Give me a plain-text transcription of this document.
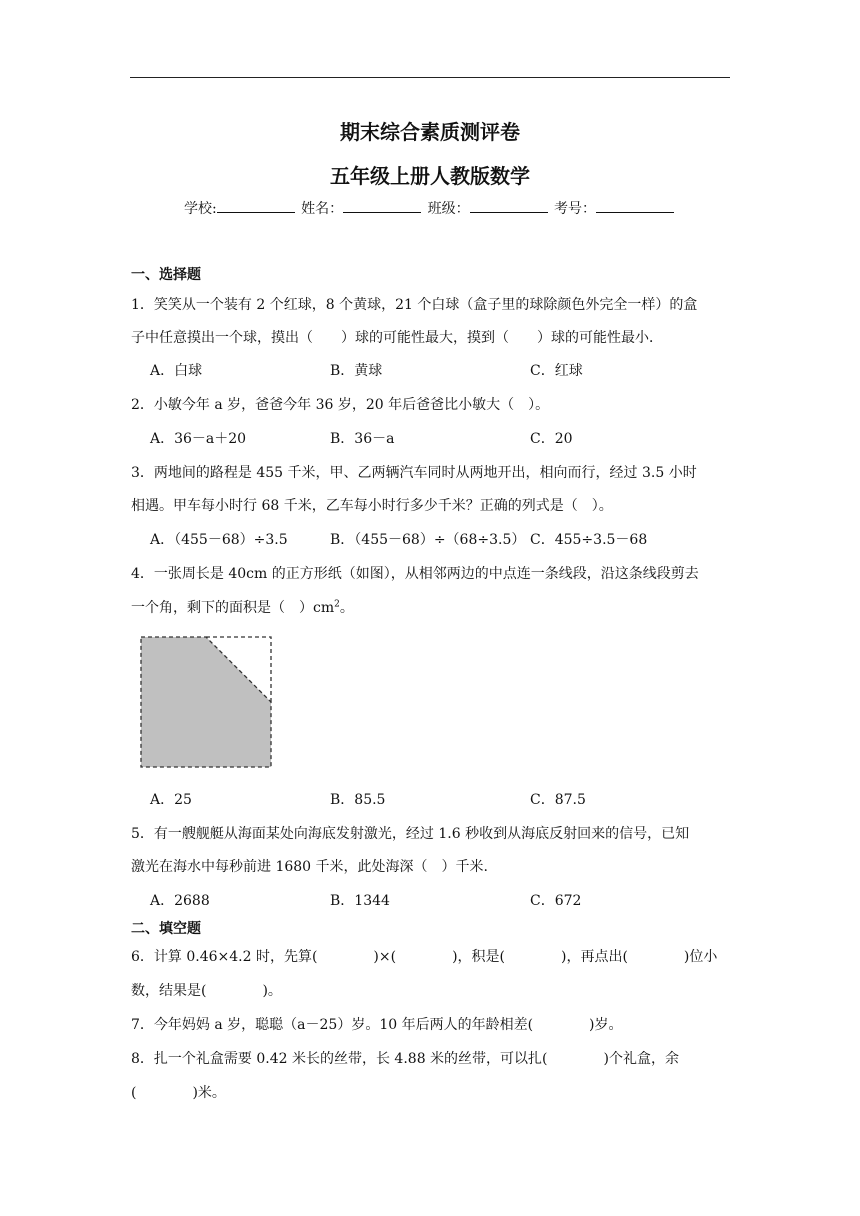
期末综合素质测评卷
五年级上册人教版数学
学校:	姓名：	班级：	考号：
一、选择题
1．笑笑从一个装有 2 个红球，8 个黄球，21 个白球（盒子里的球除颜色外完全一样）的盒
子中任意摸出一个球，摸出（　　）球的可能性最大，摸到（　　）球的可能性最小．
A．白球	B．黄球	C．红球
2．小敏今年 a 岁，爸爸今年 36 岁，20 年后爸爸比小敏大（　）。
A．36－a＋20	B．36－a	C．20
3．两地间的路程是 455 千米，甲、乙两辆汽车同时从两地开出，相向而行，经过 3.5 小时
相遇。甲车每小时行 68 千米，乙车每小时行多少千米？正确的列式是（　）。
A．（455－68）÷3.5	B．（455－68）÷（68÷3.5） C．455÷3.5－68
4．一张周长是 40cm 的正方形纸（如图），从相邻两边的中点连一条线段，沿这条线段剪去
一个角，剩下的面积是（　）$cm^2$。
A．25	B．85.5	C．87.5
5．有一艘舰艇从海面某处向海底发射激光，经过 1.6 秒收到从海底反射回来的信号，已知
激光在海水中每秒前进 1680 千米，此处海深（　）千米.
A．2688	B．1344	C．672
二、填空题
6．计算 0.46×4.2 时，先算(　　　　)×(　　　　)，积是(　　　　)，再点出(　　　　)位小
数，结果是(　　　　)。
7．今年妈妈 a 岁，聪聪（a－25）岁。10 年后两人的年龄相差(　　　　)岁。
8．扎一个礼盒需要 0.42 米长的丝带，长 4.88 米的丝带，可以扎(　　　　)个礼盒，余
(　　　　)米。
